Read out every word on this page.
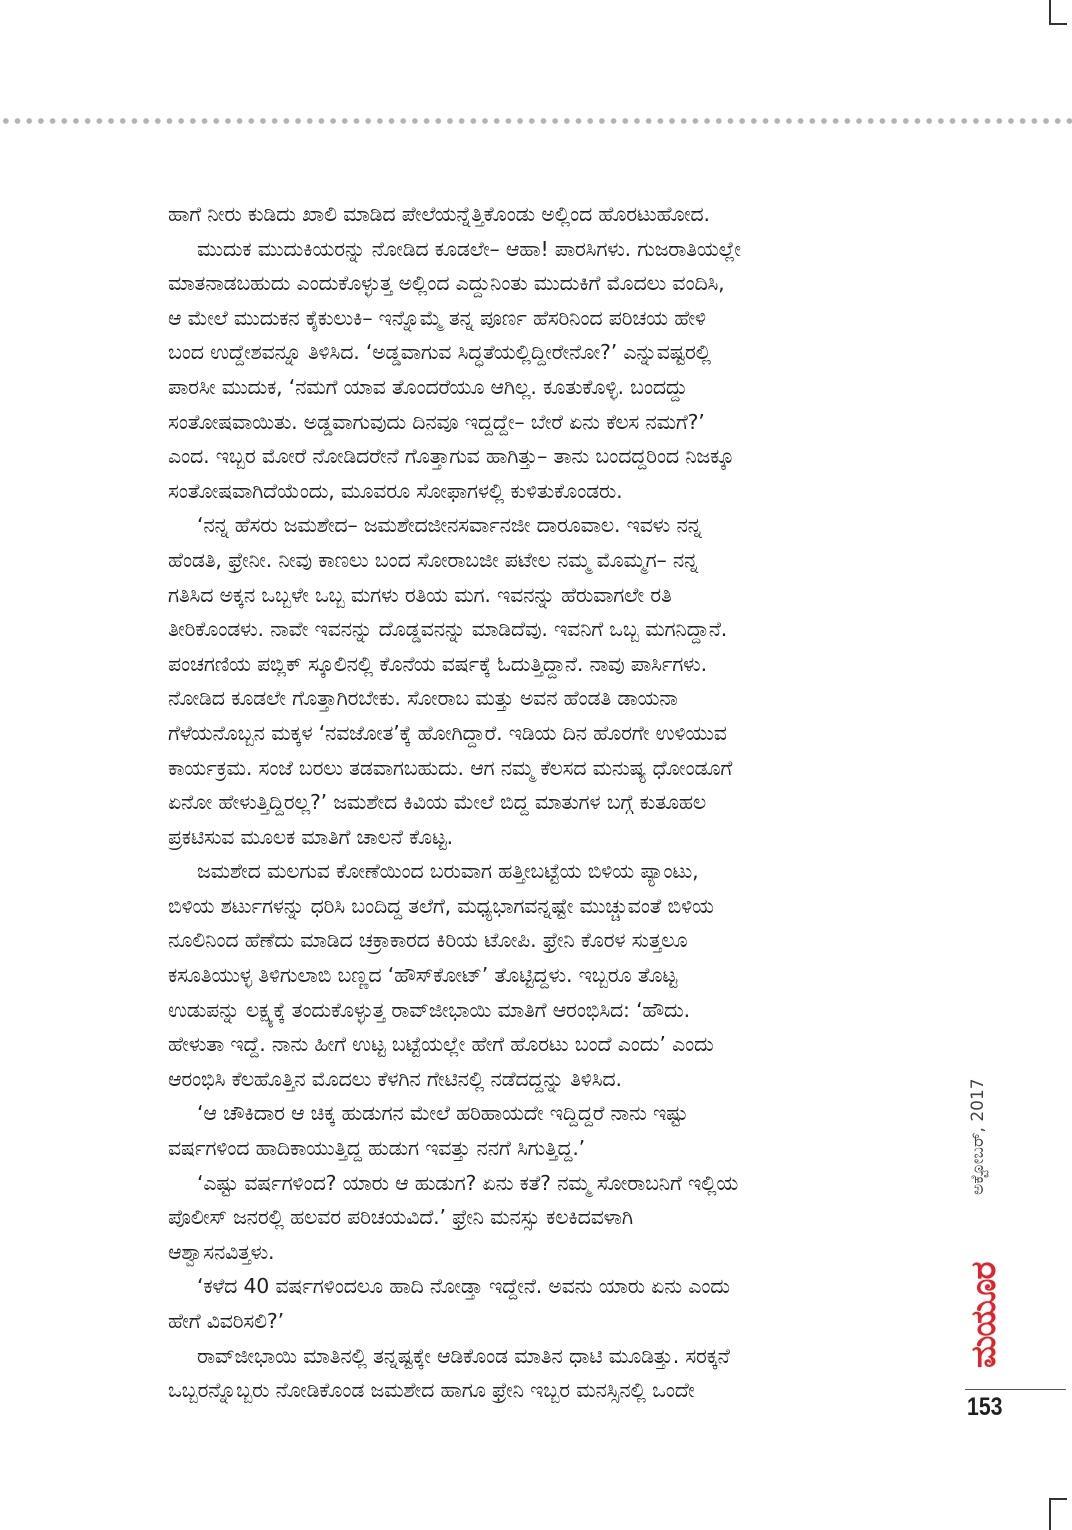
ಹಾಗೆ ನೀರು ಕುಡಿದು ಖಾಲಿ ಮಾಡಿದ ಪೇಲೆಯನ್ನೆತ್ತಿಕೊಂಡು ಅಲ್ಲಿಂದ ಹೊರಟುಹೋದ.
ಮುದುಕ ಮುದುಕಿಯರನ್ನು ನೋಡಿದ ಕೂಡಲೇ– ಆಹಾ! ಪಾರಸಿಗಳು. ಗುಜರಾತಿಯಲ್ಲೇ
ಮಾತನಾಡಬಹುದು ಎಂದುಕೊಳ್ಳುತ್ತ ಅಲ್ಲಿಂದ ಎದ್ದುನಿಂತು ಮುದುಕಿಗೆ ಮೊದಲು ವಂದಿಸಿ,
ಆ ಮೇಲೆ ಮುದುಕನ ಕೈಕುಲುಕಿ– ಇನ್ನೊಮ್ಮೆ ತನ್ನ ಪೂರ್ಣ ಹೆಸರಿನಿಂದ ಪರಿಚಯ ಹೇಳಿ
ಬಂದ ಉದ್ದೇಶವನ್ನೂ ತಿಳಿಸಿದ. ‘ಅಡ್ಡವಾಗುವ ಸಿದ್ಧತೆಯಲ್ಲಿದ್ದೀರೇನೋ?’ ಎನ್ನುವಷ್ಟರಲ್ಲಿ
ಪಾರಸೀ ಮುದುಕ, ‘ನಮಗೆ ಯಾವ ತೊಂದರೆಯೂ ಆಗಿಲ್ಲ. ಕೂತುಕೊಳ್ಳಿ. ಬಂದದ್ದು
ಸಂತೋಷವಾಯಿತು. ಅಡ್ಡವಾಗುವುದು ದಿನವೂ ಇದ್ದದ್ದೇ– ಬೇರೆ ಏನು ಕೆಲಸ ನಮಗೆ?’
ಎಂದ. ಇಬ್ಬರ ಮೋರೆ ನೋಡಿದರೇನೆ ಗೊತ್ತಾಗುವ ಹಾಗಿತ್ತು– ತಾನು ಬಂದದ್ದರಿಂದ ನಿಜಕ್ಕೂ
ಸಂತೋಷವಾಗಿದೆಯೆಂದು, ಮೂವರೂ ಸೋಫಾಗಳಲ್ಲಿ ಕುಳಿತುಕೊಂಡರು.
‘ನನ್ನ ಹೆಸರು ಜಮಶೇದ– ಜಮಶೇದಜೀನಸರ್ವಾನಜೀ ದಾರೂವಾಲ. ಇವಳು ನನ್ನ
ಹೆಂಡತಿ, ಫ್ರೇನೀ. ನೀವು ಕಾಣಲು ಬಂದ ಸೋರಾಬಜೀ ಪಟೇಲ ನಮ್ಮ ಮೊಮ್ಮಗ– ನನ್ನ
ಗತಿಸಿದ ಅಕ್ಕನ ಒಬ್ಬಳೇ ಒಬ್ಬ ಮಗಳು ರತಿಯ ಮಗ. ಇವನನ್ನು ಹೆರುವಾಗಲೇ ರತಿ
ತೀರಿಕೊಂಡಳು. ನಾವೇ ಇವನನ್ನು ದೊಡ್ಡವನನ್ನು ಮಾಡಿದೆವು. ಇವನಿಗೆ ಒಬ್ಬ ಮಗನಿದ್ದಾನೆ.
ಪಂಚಗಣಿಯ ಪಬ್ಲಿಕ್ ಸ್ಕೂಲಿನಲ್ಲಿ ಕೊನೆಯ ವರ್ಷಕ್ಕೆ ಓದುತ್ತಿದ್ದಾನೆ. ನಾವು ಪಾರ್ಸಿಗಳು.
ನೋಡಿದ ಕೂಡಲೇ ಗೊತ್ತಾಗಿರಬೇಕು. ಸೋರಾಬ ಮತ್ತು ಅವನ ಹೆಂಡತಿ ಡಾಯನಾ
ಗೆಳೆಯನೊಬ್ಬನ ಮಕ್ಕಳ ‘ನವಜೋತ’ಕ್ಕೆ ಹೋಗಿದ್ದಾರೆ. ಇಡಿಯ ದಿನ ಹೊರಗೇ ಉಳಿಯುವ
ಕಾರ್ಯಕ್ರಮ. ಸಂಜೆ ಬರಲು ತಡವಾಗಬಹುದು. ಆಗ ನಮ್ಮ ಕೆಲಸದ ಮನುಷ್ಯ ಧೋಂಡೂಗೆ
ಏನೋ ಹೇಳುತ್ತಿದ್ದಿರಲ್ಲ?’ ಜಮಶೇದ ಕಿವಿಯ ಮೇಲೆ ಬಿದ್ದ ಮಾತುಗಳ ಬಗ್ಗೆ ಕುತೂಹಲ
ಪ್ರಕಟಿಸುವ ಮೂಲಕ ಮಾತಿಗೆ ಚಾಲನೆ ಕೊಟ್ಟ.
ಜಮಶೇದ ಮಲಗುವ ಕೋಣೆಯಿಂದ ಬರುವಾಗ ಹತ್ತೀಬಟ್ಟೆಯ ಬಿಳಿಯ ಪ್ಯಾಂಟು,
ಬಿಳಿಯ ಶರ್ಟುಗಳನ್ನು ಧರಿಸಿ ಬಂದಿದ್ದ ತಲೆಗೆ, ಮಧ್ಯಭಾಗವನ್ನಷ್ಟೇ ಮುಚ್ಚುವಂತೆ ಬಿಳಿಯ
ನೂಲಿನಿಂದ ಹೆಣೆದು ಮಾಡಿದ ಚಕ್ರಾಕಾರದ ಕಿರಿಯ ಟೋಪಿ. ಫ್ರೇನಿ ಕೊರಳ ಸುತ್ತಲೂ
ಕಸೂತಿಯುಳ್ಳ ತಿಳಿಗುಲಾಬಿ ಬಣ್ಣದ ‘ಹೌಸ್‌ಕೋಟ್’ ತೊಟ್ಟಿದ್ದಳು. ಇಬ್ಬರೂ ತೊಟ್ಟ
ಉಡುಪನ್ನು ಲಕ್ಷ್ಯಕ್ಕೆ ತಂದುಕೊಳ್ಳುತ್ತ ರಾವ್‌ಜೀಭಾಯಿ ಮಾತಿಗೆ ಆರಂಭಿಸಿದ: ‘ಹೌದು.
ಹೇಳುತಾ ಇದ್ದೆ. ನಾನು ಹೀಗೆ ಉಟ್ಟ ಬಟ್ಟೆಯಲ್ಲೇ ಹೇಗೆ ಹೊರಟು ಬಂದೆ ಎಂದು’ ಎಂದು
ಆರಂಭಿಸಿ ಕೆಲಹೊತ್ತಿನ ಮೊದಲು ಕೆಳಗಿನ ಗೇಟಿನಲ್ಲಿ ನಡೆದದ್ದನ್ನು ತಿಳಿಸಿದ.
‘ಆ ಚೌಕಿದಾರ ಆ ಚಿಕ್ಕ ಹುಡುಗನ ಮೇಲೆ ಹರಿಹಾಯದೇ ಇದ್ದಿದ್ದರೆ ನಾನು ಇಷ್ಟು
ವರ್ಷಗಳಿಂದ ಹಾದಿಕಾಯುತ್ತಿದ್ದ ಹುಡುಗ ಇವತ್ತು ನನಗೆ ಸಿಗುತ್ತಿದ್ದ.’
‘ಎಷ್ಟು ವರ್ಷಗಳಿಂದ? ಯಾರು ಆ ಹುಡುಗ? ಏನು ಕತೆ? ನಮ್ಮ ಸೋರಾಬನಿಗೆ ಇಲ್ಲಿಯ
ಪೊಲೀಸ್ ಜನರಲ್ಲಿ ಹಲವರ ಪರಿಚಯವಿದೆ.’ ಫ್ರೇನಿ ಮನಸ್ಸು ಕಲಕಿದವಳಾಗಿ
ಆಶ್ವಾಸನವಿತ್ತಳು.
‘ಕಳೆದ 40 ವರ್ಷಗಳಿಂದಲೂ ಹಾದಿ ನೋಡ್ತಾ ಇದ್ದೇನೆ. ಅವನು ಯಾರು ಏನು ಎಂದು
ಹೇಗೆ ವಿವರಿಸಲಿ?’
ರಾವ್‌ಜೀಭಾಯಿ ಮಾತಿನಲ್ಲಿ ತನ್ನಷ್ಟಕ್ಕೇ ಆಡಿಕೊಂಡ ಮಾತಿನ ಧಾಟಿ ಮೂಡಿತ್ತು. ಸರಕ್ಕನೆ
ಒಬ್ಬರನ್ನೊಬ್ಬರು ನೋಡಿಕೊಂಡ ಜಮಶೇದ ಹಾಗೂ ಫ್ರೇನಿ ಇಬ್ಬರ ಮನಸ್ಸಿನಲ್ಲಿ ಒಂದೇ
ಅಕ್ಟೋಬರ್, 2017
ಮಯೂರ
153
